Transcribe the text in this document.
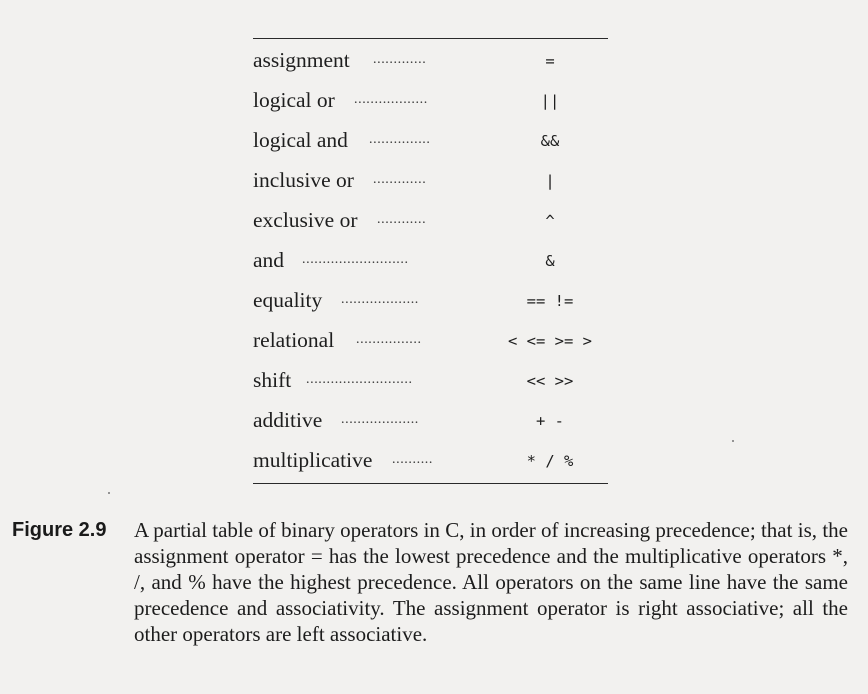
assignment .............	=
logical or ..................	||
logical and ...............	&&
inclusive or .............	|
exclusive or ............	^
and ..........................	&
equality ...................	== !=
relational ................	< <= >= >
shift ..........................	<< >>
additive ...................	+ -
multiplicative ..........	* / %
Figure 2.9 A partial table of binary operators in C, in order of increasing precedence; that is, the assignment operator = has the lowest precedence and the multiplicative operators *, /, and % have the highest precedence. All operators on the same line have the same precedence and associativity. The assignment operator is right associative; all the other operators are left associative.
